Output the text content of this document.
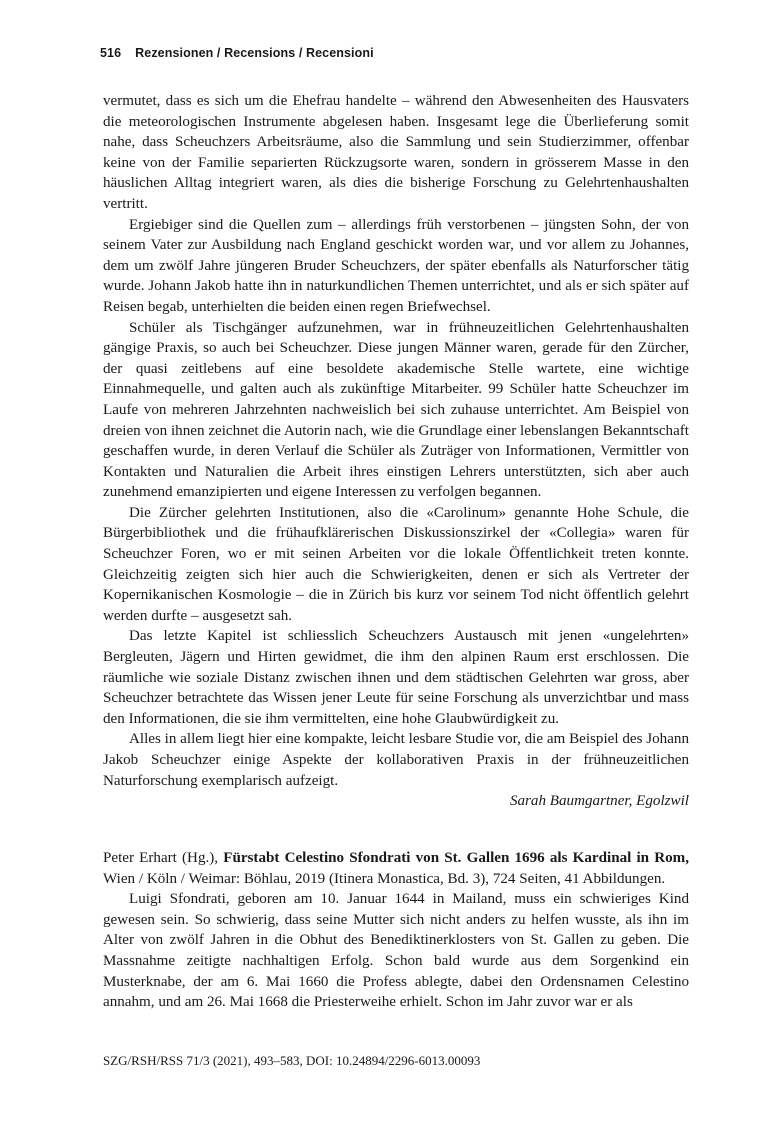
516 Rezensionen / Recensions / Recensioni

vermutet, dass es sich um die Ehefrau handelte – während den Abwesenheiten des Hausvaters die meteorologischen Instrumente abgelesen haben. Insgesamt lege die Überlieferung somit nahe, dass Scheuchzers Arbeitsräume, also die Sammlung und sein Studierzimmer, offenbar keine von der Familie separierten Rückzugsorte waren, sondern in grösserem Masse in den häuslichen Alltag integriert waren, als dies die bisherige Forschung zu Gelehrtenhaushalten vertritt.

Ergiebiger sind die Quellen zum – allerdings früh verstorbenen – jüngsten Sohn, der von seinem Vater zur Ausbildung nach England geschickt worden war, und vor allem zu Johannes, dem um zwölf Jahre jüngeren Bruder Scheuchzers, der später ebenfalls als Naturforscher tätig wurde. Johann Jakob hatte ihn in naturkundlichen Themen unterrichtet, und als er sich später auf Reisen begab, unterhielten die beiden einen regen Briefwechsel.

Schüler als Tischgänger aufzunehmen, war in frühneuzeitlichen Gelehrtenhaushalten gängige Praxis, so auch bei Scheuchzer. Diese jungen Männer waren, gerade für den Zürcher, der quasi zeitlebens auf eine besoldete akademische Stelle wartete, eine wichtige Einnahmequelle, und galten auch als zukünftige Mitarbeiter. 99 Schüler hatte Scheuchzer im Laufe von mehreren Jahrzehnten nachweislich bei sich zuhause unterrichtet. Am Beispiel von dreien von ihnen zeichnet die Autorin nach, wie die Grundlage einer lebenslangen Bekanntschaft geschaffen wurde, in deren Verlauf die Schüler als Zuträger von Informationen, Vermittler von Kontakten und Naturalien die Arbeit ihres einstigen Lehrers unterstützten, sich aber auch zunehmend emanzipierten und eigene Interessen zu verfolgen begannen.

Die Zürcher gelehrten Institutionen, also die «Carolinum» genannte Hohe Schule, die Bürgerbibliothek und die frühaufklärerischen Diskussionszirkel der «Collegia» waren für Scheuchzer Foren, wo er mit seinen Arbeiten vor die lokale Öffentlichkeit treten konnte. Gleichzeitig zeigten sich hier auch die Schwierigkeiten, denen er sich als Vertreter der Kopernikanischen Kosmologie – die in Zürich bis kurz vor seinem Tod nicht öffentlich gelehrt werden durfte – ausgesetzt sah.

Das letzte Kapitel ist schliesslich Scheuchzers Austausch mit jenen «ungelehrten» Bergleuten, Jägern und Hirten gewidmet, die ihm den alpinen Raum erst erschlossen. Die räumliche wie soziale Distanz zwischen ihnen und dem städtischen Gelehrten war gross, aber Scheuchzer betrachtete das Wissen jener Leute für seine Forschung als unverzichtbar und mass den Informationen, die sie ihm vermittelten, eine hohe Glaubwürdigkeit zu.

Alles in allem liegt hier eine kompakte, leicht lesbare Studie vor, die am Beispiel des Johann Jakob Scheuchzer einige Aspekte der kollaborativen Praxis in der frühneuzeitlichen Naturforschung exemplarisch aufzeigt.

Sarah Baumgartner, Egolzwil

Peter Erhart (Hg.), Fürstabt Celestino Sfondrati von St. Gallen 1696 als Kardinal in Rom, Wien / Köln / Weimar: Böhlau, 2019 (Itinera Monastica, Bd. 3), 724 Seiten, 41 Abbildungen.

Luigi Sfondrati, geboren am 10. Januar 1644 in Mailand, muss ein schwieriges Kind gewesen sein. So schwierig, dass seine Mutter sich nicht anders zu helfen wusste, als ihn im Alter von zwölf Jahren in die Obhut des Benediktinerklosters von St. Gallen zu geben. Die Massnahme zeitigte nachhaltigen Erfolg. Schon bald wurde aus dem Sorgenkind ein Musterknabe, der am 6. Mai 1660 die Profess ablegte, dabei den Ordensnamen Celestino annahm, und am 26. Mai 1668 die Priesterweihe erhielt. Schon im Jahr zuvor war er als

SZG/RSH/RSS 71/3 (2021), 493–583, DOI: 10.24894/2296-6013.00093
